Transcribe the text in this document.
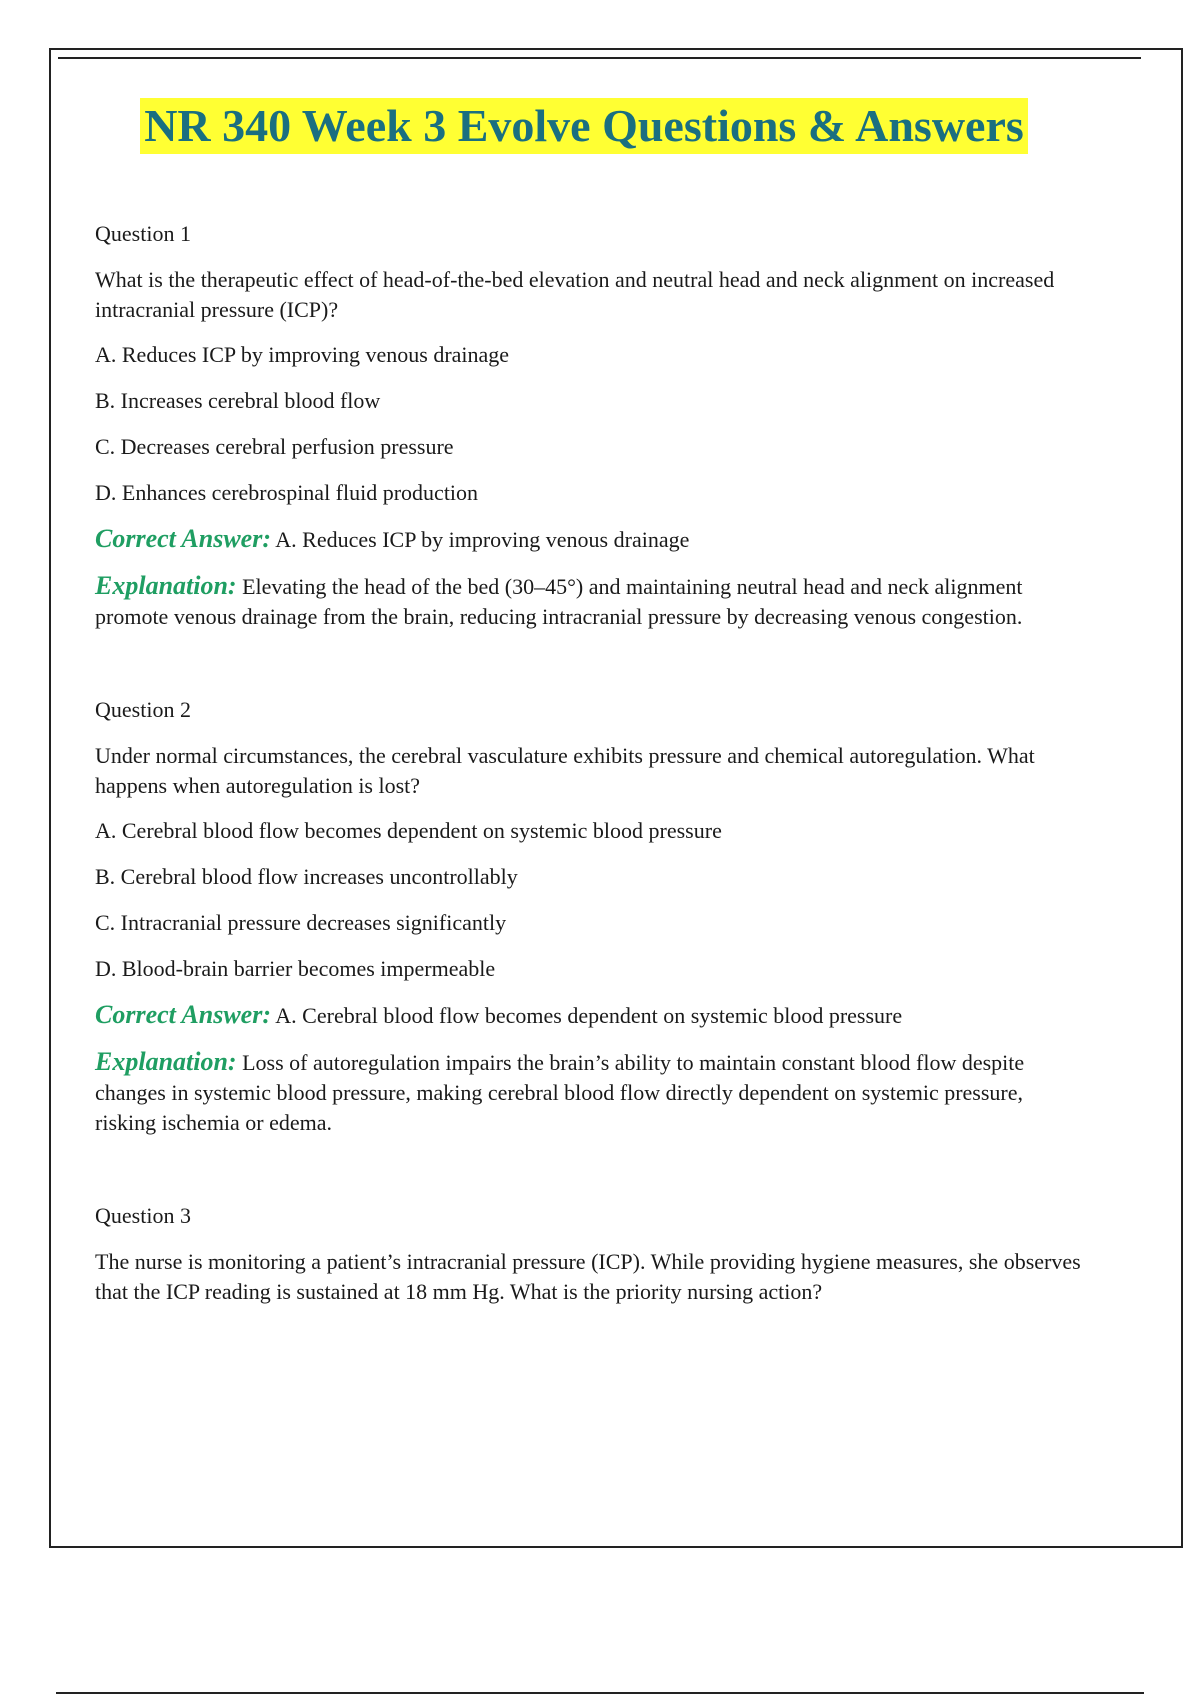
NR 340 Week 3 Evolve Questions & Answers

Question 1

What is the therapeutic effect of head-of-the-bed elevation and neutral head and neck alignment on increased intracranial pressure (ICP)?

A. Reduces ICP by improving venous drainage

B. Increases cerebral blood flow

C. Decreases cerebral perfusion pressure

D. Enhances cerebrospinal fluid production

Correct Answer: A. Reduces ICP by improving venous drainage

Explanation: Elevating the head of the bed (30–45°) and maintaining neutral head and neck alignment promote venous drainage from the brain, reducing intracranial pressure by decreasing venous congestion.

Question 2

Under normal circumstances, the cerebral vasculature exhibits pressure and chemical autoregulation. What happens when autoregulation is lost?

A. Cerebral blood flow becomes dependent on systemic blood pressure

B. Cerebral blood flow increases uncontrollably

C. Intracranial pressure decreases significantly

D. Blood-brain barrier becomes impermeable

Correct Answer: A. Cerebral blood flow becomes dependent on systemic blood pressure

Explanation: Loss of autoregulation impairs the brain’s ability to maintain constant blood flow despite changes in systemic blood pressure, making cerebral blood flow directly dependent on systemic pressure, risking ischemia or edema.

Question 3

The nurse is monitoring a patient’s intracranial pressure (ICP). While providing hygiene measures, she observes that the ICP reading is sustained at 18 mm Hg. What is the priority nursing action?
